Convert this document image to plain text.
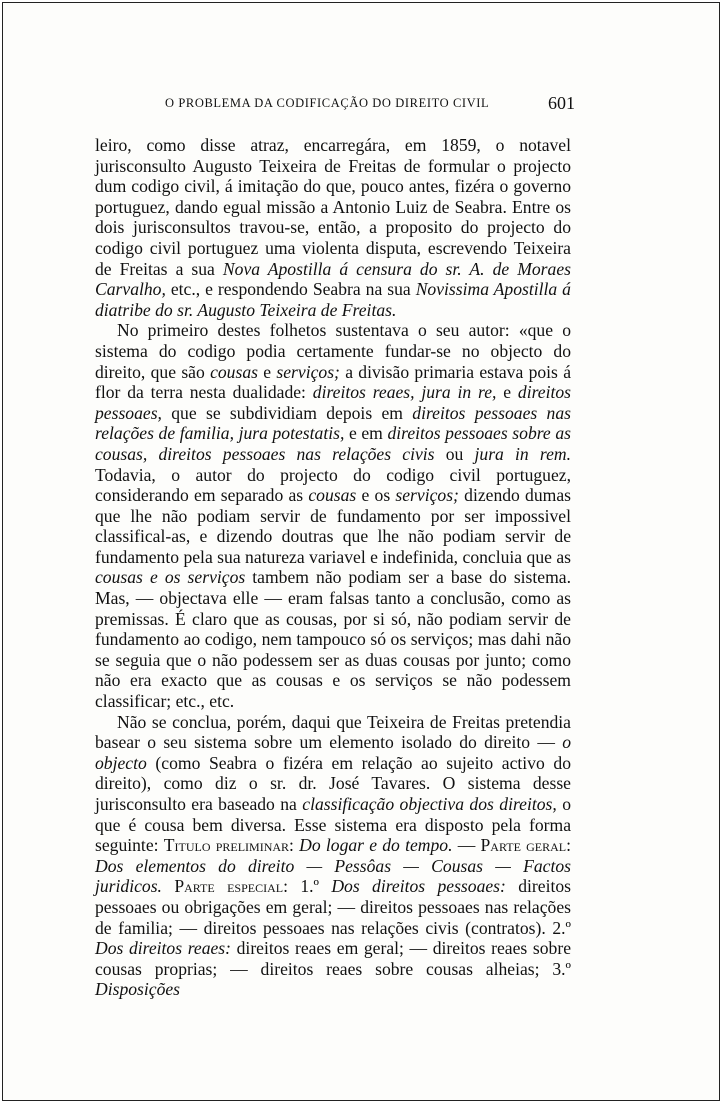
O PROBLEMA DA CODIFICAÇÃO DO DIREITO CIVIL	601

leiro, como disse atraz, encarregára, em 1859, o notavel jurisconsulto Augusto Teixeira de Freitas de formular o projecto dum codigo civil, á imitação do que, pouco antes, fizéra o governo portuguez, dando egual missão a Antonio Luiz de Seabra. Entre os dois jurisconsultos travou-se, então, a proposito do projecto do codigo civil portuguez uma violenta disputa, escrevendo Teixeira de Freitas a sua Nova Apostilla á censura do sr. A. de Moraes Carvalho, etc., e respondendo Seabra na sua Novissima Apostilla á diatribe do sr. Augusto Teixeira de Freitas.

No primeiro destes folhetos sustentava o seu autor: «que o sistema do codigo podia certamente fundar-se no objecto do direito, que são cousas e serviços; a divisão primaria estava pois á flor da terra nesta dualidade: direitos reaes, jura in re, e direitos pessoaes, que se subdividiam depois em direitos pessoaes nas relações de familia, jura potestatis, e em direitos pessoaes sobre as cousas, direitos pessoaes nas relações civis ou jura in rem. Todavia, o autor do projecto do codigo civil portuguez, considerando em separado as cousas e os serviços; dizendo dumas que lhe não podiam servir de fundamento por ser impossivel classifical-as, e dizendo doutras que lhe não podiam servir de fundamento pela sua natureza variavel e indefinida, concluia que as cousas e os serviços tambem não podiam ser a base do sistema. Mas, — objectava elle — eram falsas tanto a conclusão, como as premissas. É claro que as cousas, por si só, não podiam servir de fundamento ao codigo, nem tampouco só os serviços; mas dahi não se seguia que o não podessem ser as duas cousas por junto; como não era exacto que as cousas e os serviços se não podessem classificar; etc., etc.

Não se conclua, porém, daqui que Teixeira de Freitas pretendia basear o seu sistema sobre um elemento isolado do direito — o objecto (como Seabra o fizéra em relação ao sujeito activo do direito), como diz o sr. dr. José Tavares. O sistema desse jurisconsulto era baseado na classificação objectiva dos direitos, o que é cousa bem diversa. Esse sistema era disposto pela forma seguinte: Titulo preliminar: Do logar e do tempo. — Parte geral: Dos elementos do direito — Pessôas — Cousas — Factos juridicos. Parte especial: 1.º Dos direitos pessoaes: direitos pessoaes ou obrigações em geral; — direitos pessoaes nas relações de familia; — direitos pessoaes nas relações civis (contratos). 2.º Dos direitos reaes: direitos reaes em geral; — direitos reaes sobre cousas proprias; — direitos reaes sobre cousas alheias; 3.º Disposições
